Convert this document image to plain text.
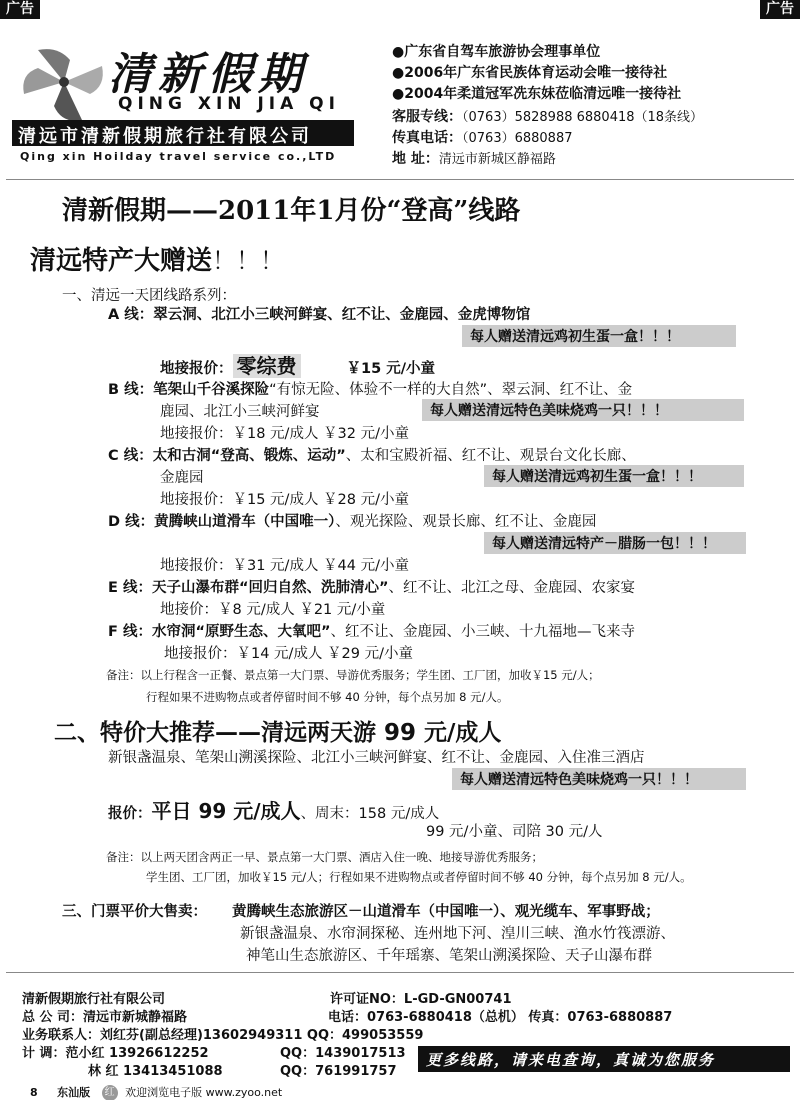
广告	广告
清新假期
QING XIN JIA QI
清远市清新假期旅行社有限公司
Qing xin Hoilday travel service co.,LTD
●广东省自驾车旅游协会理事单位
●2006年广东省民族体育运动会唯一接待社
●2004年柔道冠军冼东妹莅临清远唯一接待社
客服专线：（0763）5828988 6880418（18条线）
传真电话：（0763）6880887
地 址：清远市新城区静福路
清新假期——2011年1月份“登高”线路
清远特产大赠送！！！
一、清远一天团线路系列：
A 线：翠云洞、北江小三峡河鲜宴、红不让、金鹿园、金虎博物馆
每人赠送清远鸡初生蛋一盒！！！
地接报价： 零综费	￥15 元/小童
B 线：笔架山千谷溪探险“有惊无险、体验不一样的大自然”、翠云洞、红不让、金
鹿园、北江小三峡河鲜宴	每人赠送清远特色美味烧鸡一只！！！
地接报价：￥18 元/成人 ￥32 元/小童
C 线：太和古洞“登高、锻炼、运动”、太和宝殿祈福、红不让、观景台文化长廊、
金鹿园	每人赠送清远鸡初生蛋一盒！！！
地接报价：￥15 元/成人 ￥28 元/小童
D 线：黄腾峡山道滑车（中国唯一）、观光探险、观景长廊、红不让、金鹿园
每人赠送清远特产－腊肠一包！！！
地接报价：￥31 元/成人 ￥44 元/小童
E 线：天子山瀑布群“回归自然、洗肺清心”、红不让、北江之母、金鹿园、农家宴
地接价：￥8 元/成人 ￥21 元/小童
F 线：水帘洞“原野生态、大氧吧”、红不让、金鹿园、小三峡、十九福地—飞来寺
地接报价：￥14 元/成人 ￥29 元/小童
备注：以上行程含一正餐、景点第一大门票、导游优秀服务；学生团、工厂团，加收￥15 元/人；
行程如果不进购物点或者停留时间不够 40 分钟，每个点另加 8 元/人。
二、特价大推荐——清远两天游 99 元/成人
新银盏温泉、笔架山溯溪探险、北江小三峡河鲜宴、红不让、金鹿园、入住准三酒店
每人赠送清远特色美味烧鸡一只！！！
报价：平日 99 元/成人、周末：158 元/成人
99 元/小童、司陪 30 元/人
备注：以上两天团含两正一早、景点第一大门票、酒店入住一晚、地接导游优秀服务；
学生团、工厂团，加收￥15 元/人；行程如果不进购物点或者停留时间不够 40 分钟，每个点另加 8 元/人。
三、门票平价大售卖： 黄腾峡生态旅游区－山道滑车（中国唯一）、观光缆车、军事野战；
新银盏温泉、水帘洞探秘、连州地下河、湟川三峡、渔水竹筏漂游、
神笔山生态旅游区、千年瑶寨、笔架山溯溪探险、天子山瀑布群
清新假期旅行社有限公司	许可证NO：L-GD-GN00741
总 公 司：清远市新城静福路	电话：0763-6880418（总机） 传真：0763-6880887
业务联系人：刘红芬(副总经理)13602949311 QQ：499053559
计 调：范小红 13926612252	QQ：1439017513
林 红 13413451088	QQ：761991757
更多线路，请来电查询，真诚为您服务
8 东汕版 红 欢迎浏览电子版 www.zyoo.net
